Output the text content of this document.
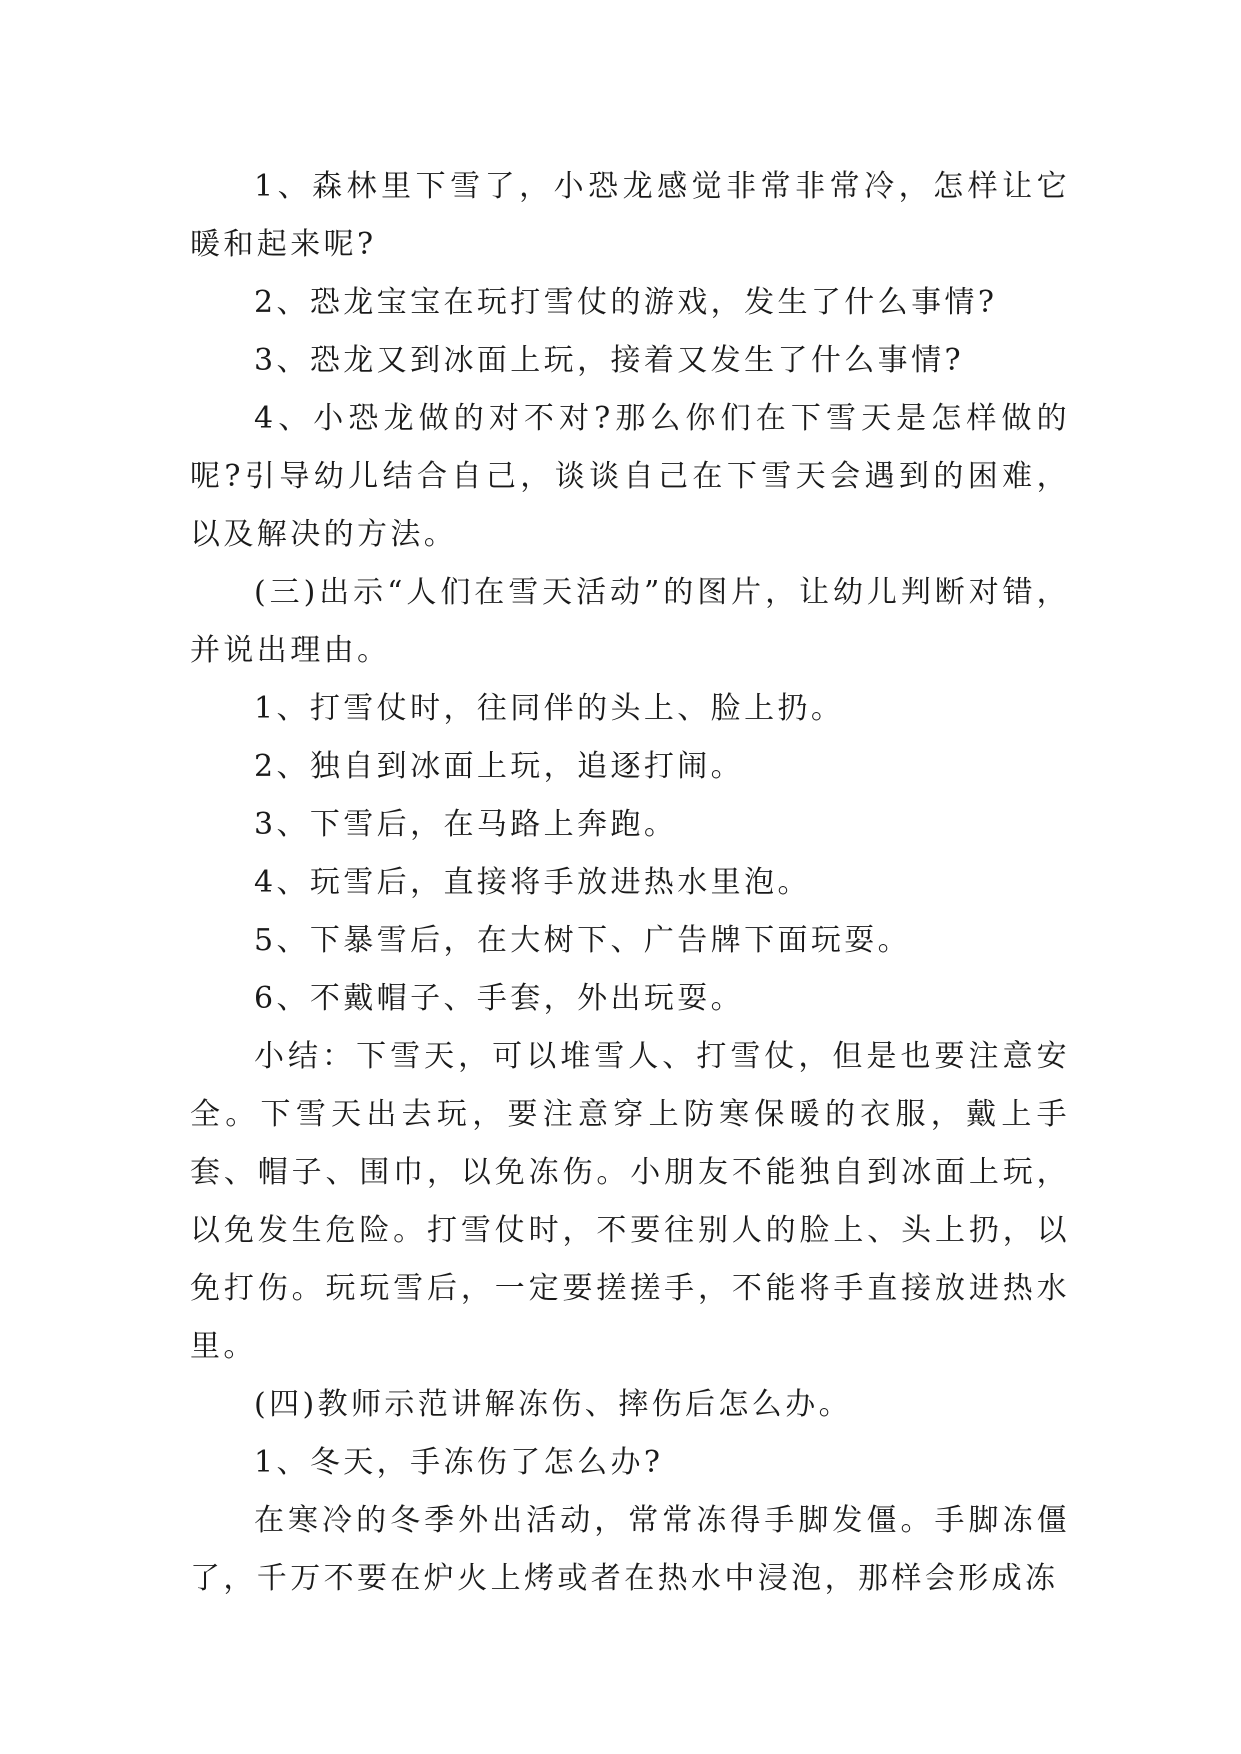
1、森林里下雪了，小恐龙感觉非常非常冷，怎样让它暖和起来呢?

2、恐龙宝宝在玩打雪仗的游戏，发生了什么事情?

3、恐龙又到冰面上玩，接着又发生了什么事情?

4、小恐龙做的对不对?那么你们在下雪天是怎样做的呢?引导幼儿结合自己，谈谈自己在下雪天会遇到的困难，以及解决的方法。

(三)出示“人们在雪天活动”的图片，让幼儿判断对错，并说出理由。

1、打雪仗时，往同伴的头上、脸上扔。

2、独自到冰面上玩，追逐打闹。

3、下雪后，在马路上奔跑。

4、玩雪后，直接将手放进热水里泡。

5、下暴雪后，在大树下、广告牌下面玩耍。

6、不戴帽子、手套，外出玩耍。

小结：下雪天，可以堆雪人、打雪仗，但是也要注意安全。下雪天出去玩，要注意穿上防寒保暖的衣服，戴上手套、帽子、围巾，以免冻伤。小朋友不能独自到冰面上玩，以免发生危险。打雪仗时，不要往别人的脸上、头上扔，以免打伤。玩玩雪后，一定要搓搓手，不能将手直接放进热水里。

(四)教师示范讲解冻伤、摔伤后怎么办。

1、冬天，手冻伤了怎么办?

在寒冷的冬季外出活动，常常冻得手脚发僵。手脚冻僵了，千万不要在炉火上烤或者在热水中浸泡，那样会形成冻
